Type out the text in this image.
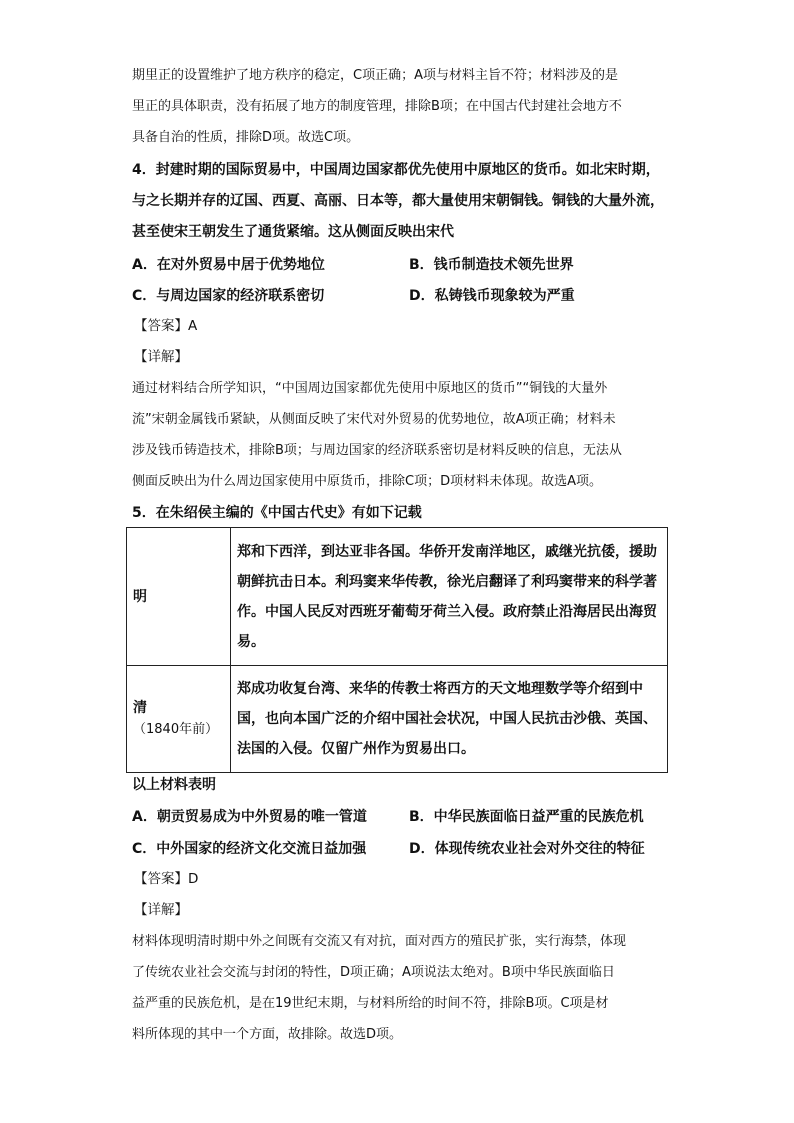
期里正的设置维护了地方秩序的稳定，C项正确；A项与材料主旨不符；材料涉及的是
里正的具体职责，没有拓展了地方的制度管理，排除B项；在中国古代封建社会地方不
具备自治的性质，排除D项。故选C项。
4．封建时期的国际贸易中，中国周边国家都优先使用中原地区的货币。如北宋时期，
与之长期并存的辽国、西夏、高丽、日本等，都大量使用宋朝铜钱。铜钱的大量外流，
甚至使宋王朝发生了通货紧缩。这从侧面反映出宋代
A．在对外贸易中居于优势地位	B．钱币制造技术领先世界
C．与周边国家的经济联系密切	D．私铸钱币现象较为严重
【答案】A
【详解】
通过材料结合所学知识，“中国周边国家都优先使用中原地区的货币”“铜钱的大量外
流”宋朝金属钱币紧缺，从侧面反映了宋代对外贸易的优势地位，故A项正确；材料未
涉及钱币铸造技术，排除B项；与周边国家的经济联系密切是材料反映的信息，无法从
侧面反映出为什么周边国家使用中原货币，排除C项；D项材料未体现。故选A项。
5．在朱绍侯主编的《中国古代史》有如下记载
明	郑和下西洋，到达亚非各国。华侨开发南洋地区，戚继光抗倭，援助朝鲜抗击日本。利玛窦来华传教，徐光启翻译了利玛窦带来的科学著作。中国人民反对西班牙葡萄牙荷兰入侵。政府禁止沿海居民出海贸易。

清
（1840年前）	郑成功收复台湾、来华的传教士将西方的天文地理数学等介绍到中国，也向本国广泛的介绍中国社会状况，中国人民抗击沙俄、英国、法国的入侵。仅留广州作为贸易出口。
以上材料表明
A．朝贡贸易成为中外贸易的唯一管道	B．中华民族面临日益严重的民族危机
C．中外国家的经济文化交流日益加强	D．体现传统农业社会对外交往的特征
【答案】D
【详解】
材料体现明清时期中外之间既有交流又有对抗，面对西方的殖民扩张，实行海禁，体现
了传统农业社会交流与封闭的特性，D项正确；A项说法太绝对。B项中华民族面临日
益严重的民族危机，是在19世纪末期，与材料所给的时间不符，排除B项。C项是材
料所体现的其中一个方面，故排除。故选D项。
